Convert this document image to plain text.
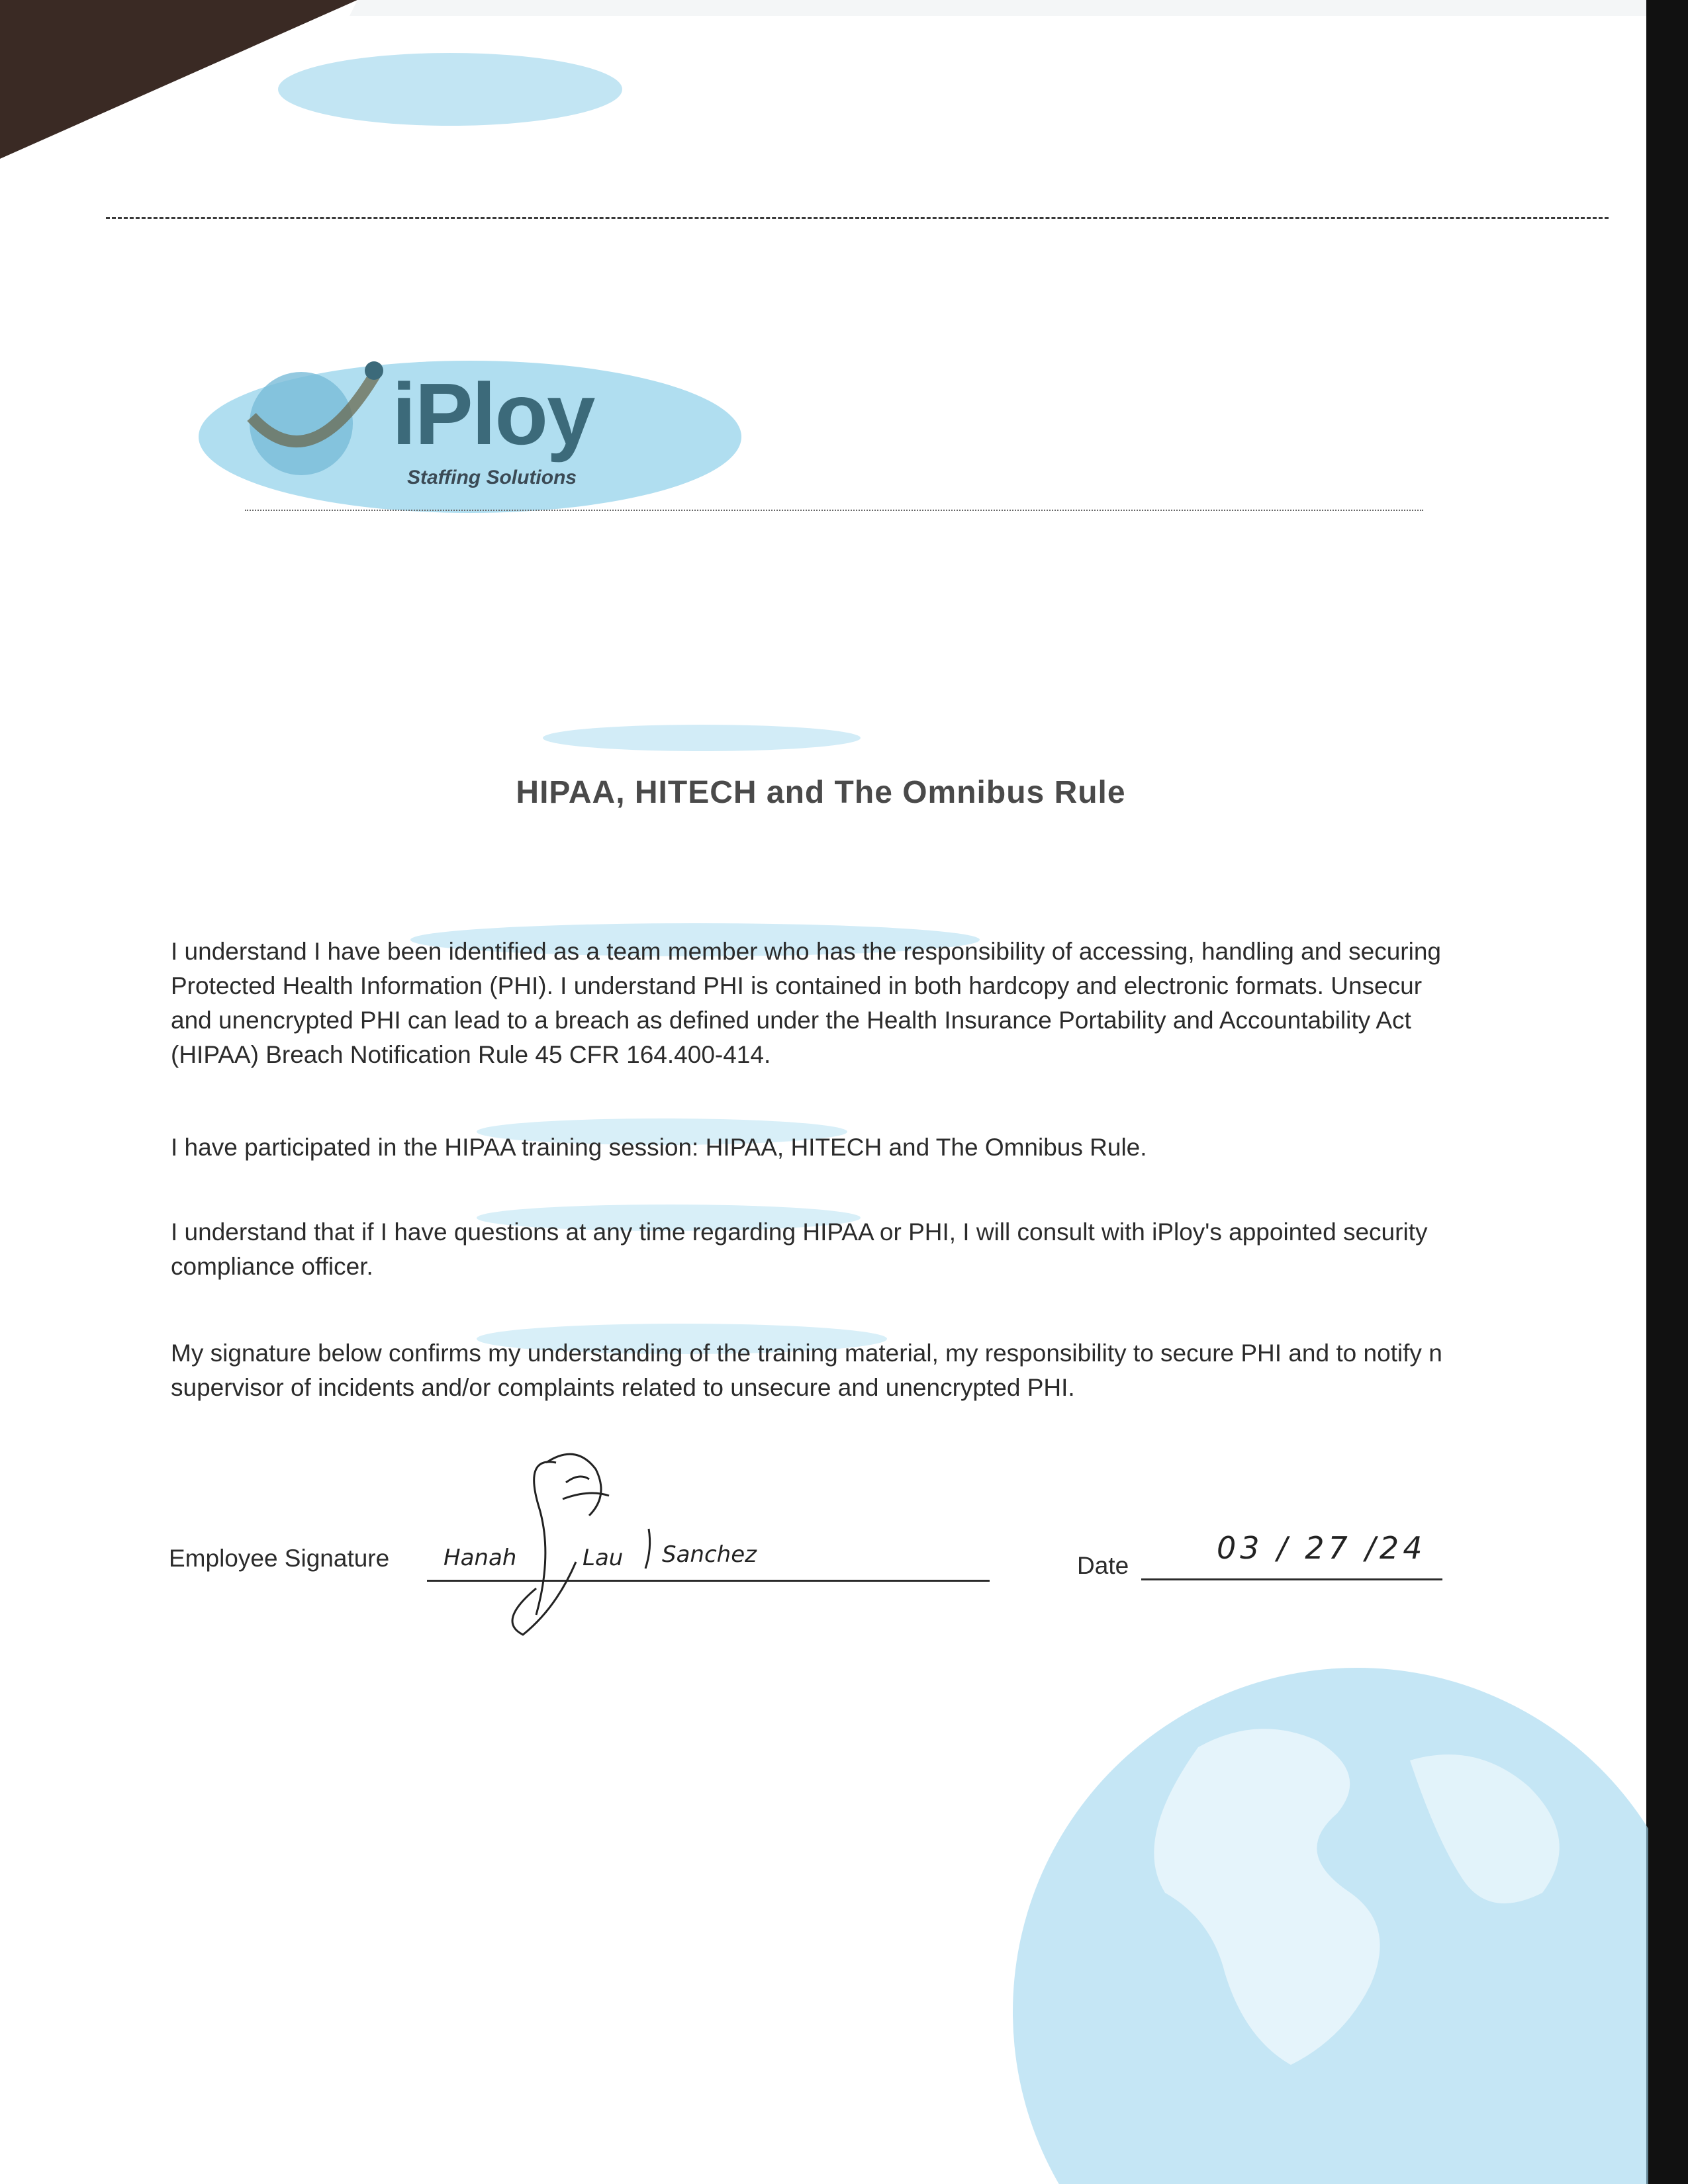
iPloy
Staffing Solutions
HIPAA, HITECH and The Omnibus Rule
I understand I have been identified as a team member who has the responsibility of accessing, handling and securing
Protected Health Information (PHI). I understand PHI is contained in both hardcopy and electronic formats. Unsecur
and unencrypted PHI can lead to a breach as defined under the Health Insurance Portability and Accountability Act
(HIPAA) Breach Notification Rule 45 CFR 164.400-414.
I have participated in the HIPAA training session: HIPAA, HITECH and The Omnibus Rule.
I understand that if I have questions at any time regarding HIPAA or PHI, I will consult with iPloy's appointed security
compliance officer.
My signature below confirms my understanding of the training material, my responsibility to secure PHI and to notify n
supervisor of incidents and/or complaints related to unsecure and unencrypted PHI.
Employee Signature Hanah	Lau Sanchez	Date	03 / 27 /24
